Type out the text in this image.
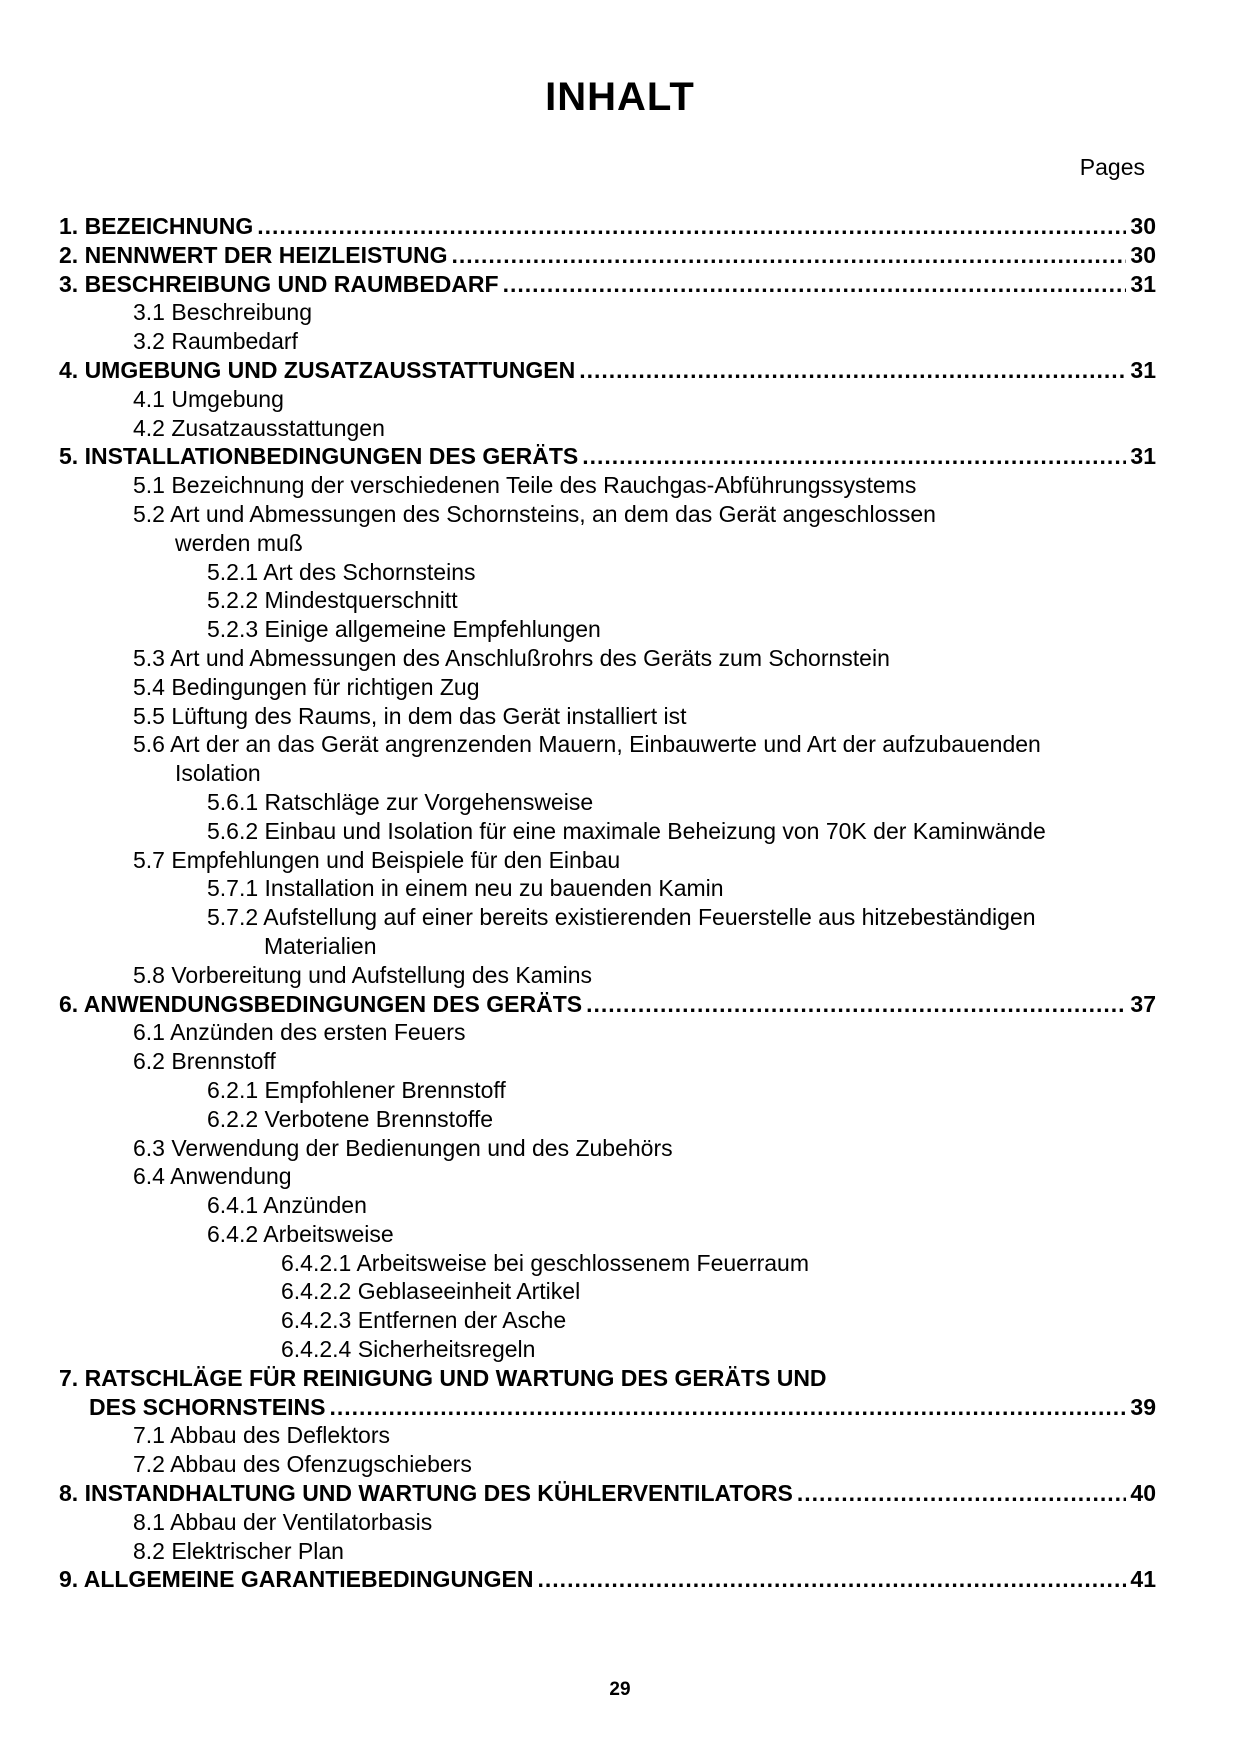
INHALT
Pages
1. BEZEICHNUNG .....	30
2. NENNWERT DER HEIZLEISTUNG .....	30
3. BESCHREIBUNG UND RAUMBEDARF .....	31
3.1 Beschreibung
3.2 Raumbedarf
4. UMGEBUNG UND ZUSATZAUSSTATTUNGEN .....	31
4.1 Umgebung
4.2 Zusatzausstattungen
5. INSTALLATIONBEDINGUNGEN DES GERÄTS .....	31
5.1 Bezeichnung der verschiedenen Teile des Rauchgas-Abführungssystems
5.2 Art und Abmessungen des Schornsteins, an dem das Gerät angeschlossen
werden muß
5.2.1 Art des Schornsteins
5.2.2 Mindestquerschnitt
5.2.3 Einige allgemeine Empfehlungen
5.3 Art und Abmessungen des Anschlußrohrs des Geräts zum Schornstein
5.4 Bedingungen für richtigen Zug
5.5 Lüftung des Raums, in dem das Gerät installiert ist
5.6 Art der an das Gerät angrenzenden Mauern, Einbauwerte und Art der aufzubauenden
Isolation
5.6.1 Ratschläge zur Vorgehensweise
5.6.2 Einbau und Isolation für eine maximale Beheizung von 70K der Kaminwände
5.7 Empfehlungen und Beispiele für den Einbau
5.7.1 Installation in einem neu zu bauenden Kamin
5.7.2 Aufstellung auf einer bereits existierenden Feuerstelle aus hitzebeständigen
Materialien
5.8 Vorbereitung und Aufstellung des Kamins
6. ANWENDUNGSBEDINGUNGEN DES GERÄTS .....	37
6.1 Anzünden des ersten Feuers
6.2 Brennstoff
6.2.1 Empfohlener Brennstoff
6.2.2 Verbotene Brennstoffe
6.3 Verwendung der Bedienungen und des Zubehörs
6.4 Anwendung
6.4.1 Anzünden
6.4.2 Arbeitsweise
6.4.2.1 Arbeitsweise bei geschlossenem Feuerraum
6.4.2.2 Geblaseeinheit Artikel
6.4.2.3 Entfernen der Asche
6.4.2.4 Sicherheitsregeln
7. RATSCHLÄGE FÜR REINIGUNG UND WARTUNG DES GERÄTS UND
DES SCHORNSTEINS .....	39
7.1 Abbau des Deflektors
7.2 Abbau des Ofenzugschiebers
8. INSTANDHALTUNG UND WARTUNG DES KÜHLERVENTILATORS .....	40
8.1 Abbau der Ventilatorbasis
8.2 Elektrischer Plan
9. ALLGEMEINE GARANTIEBEDINGUNGEN .....	41
29
